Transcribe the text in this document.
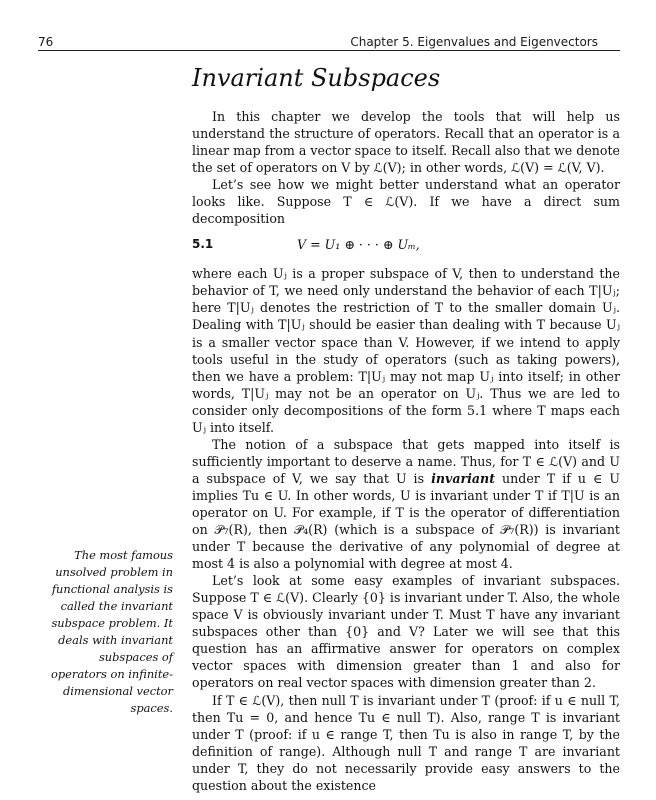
76	Chapter 5. Eigenvalues and Eigenvectors
Invariant Subspaces

In this chapter we develop the tools that will help us understand the structure of operators. Recall that an operator is a linear map from a vector space to itself. Recall also that we denote the set of operators on V by ℒ(V); in other words, ℒ(V) = ℒ(V, V).

Let’s see how we might better understand what an operator looks like. Suppose T ∈ ℒ(V). If we have a direct sum decomposition

5.1	V = U₁ ⊕ · · · ⊕ Uₘ,

where each Uⱼ is a proper subspace of V, then to understand the behavior of T, we need only understand the behavior of each T|Uⱼ; here T|Uⱼ denotes the restriction of T to the smaller domain Uⱼ. Dealing with T|Uⱼ should be easier than dealing with T because Uⱼ is a smaller vector space than V. However, if we intend to apply tools useful in the study of operators (such as taking powers), then we have a problem: T|Uⱼ may not map Uⱼ into itself; in other words, T|Uⱼ may not be an operator on Uⱼ. Thus we are led to consider only decompositions of the form 5.1 where T maps each Uⱼ into itself.

The notion of a subspace that gets mapped into itself is sufficiently important to deserve a name. Thus, for T ∈ ℒ(V) and U a subspace of V, we say that U is invariant under T if u ∈ U implies Tu ∈ U. In other words, U is invariant under T if T|U is an operator on U. For example, if T is the operator of differentiation on 𝒫₇(R), then 𝒫₄(R) (which is a subspace of 𝒫₇(R)) is invariant under T because the derivative of any polynomial of degree at most 4 is also a polynomial with degree at most 4.

Let’s look at some easy examples of invariant subspaces. Suppose T ∈ ℒ(V). Clearly {0} is invariant under T. Also, the whole space V is obviously invariant under T. Must T have any invariant subspaces other than {0} and V? Later we will see that this question has an affirmative answer for operators on complex vector spaces with dimension greater than 1 and also for operators on real vector spaces with dimension greater than 2.

If T ∈ ℒ(V), then null T is invariant under T (proof: if u ∈ null T, then Tu = 0, and hence Tu ∈ null T). Also, range T is invariant under T (proof: if u ∈ range T, then Tu is also in range T, by the definition of range). Although null T and range T are invariant under T, they do not necessarily provide easy answers to the question about the existence

The most famous unsolved problem in functional analysis is called the invariant subspace problem. It deals with invariant subspaces of operators on infinite-dimensional vector spaces.
